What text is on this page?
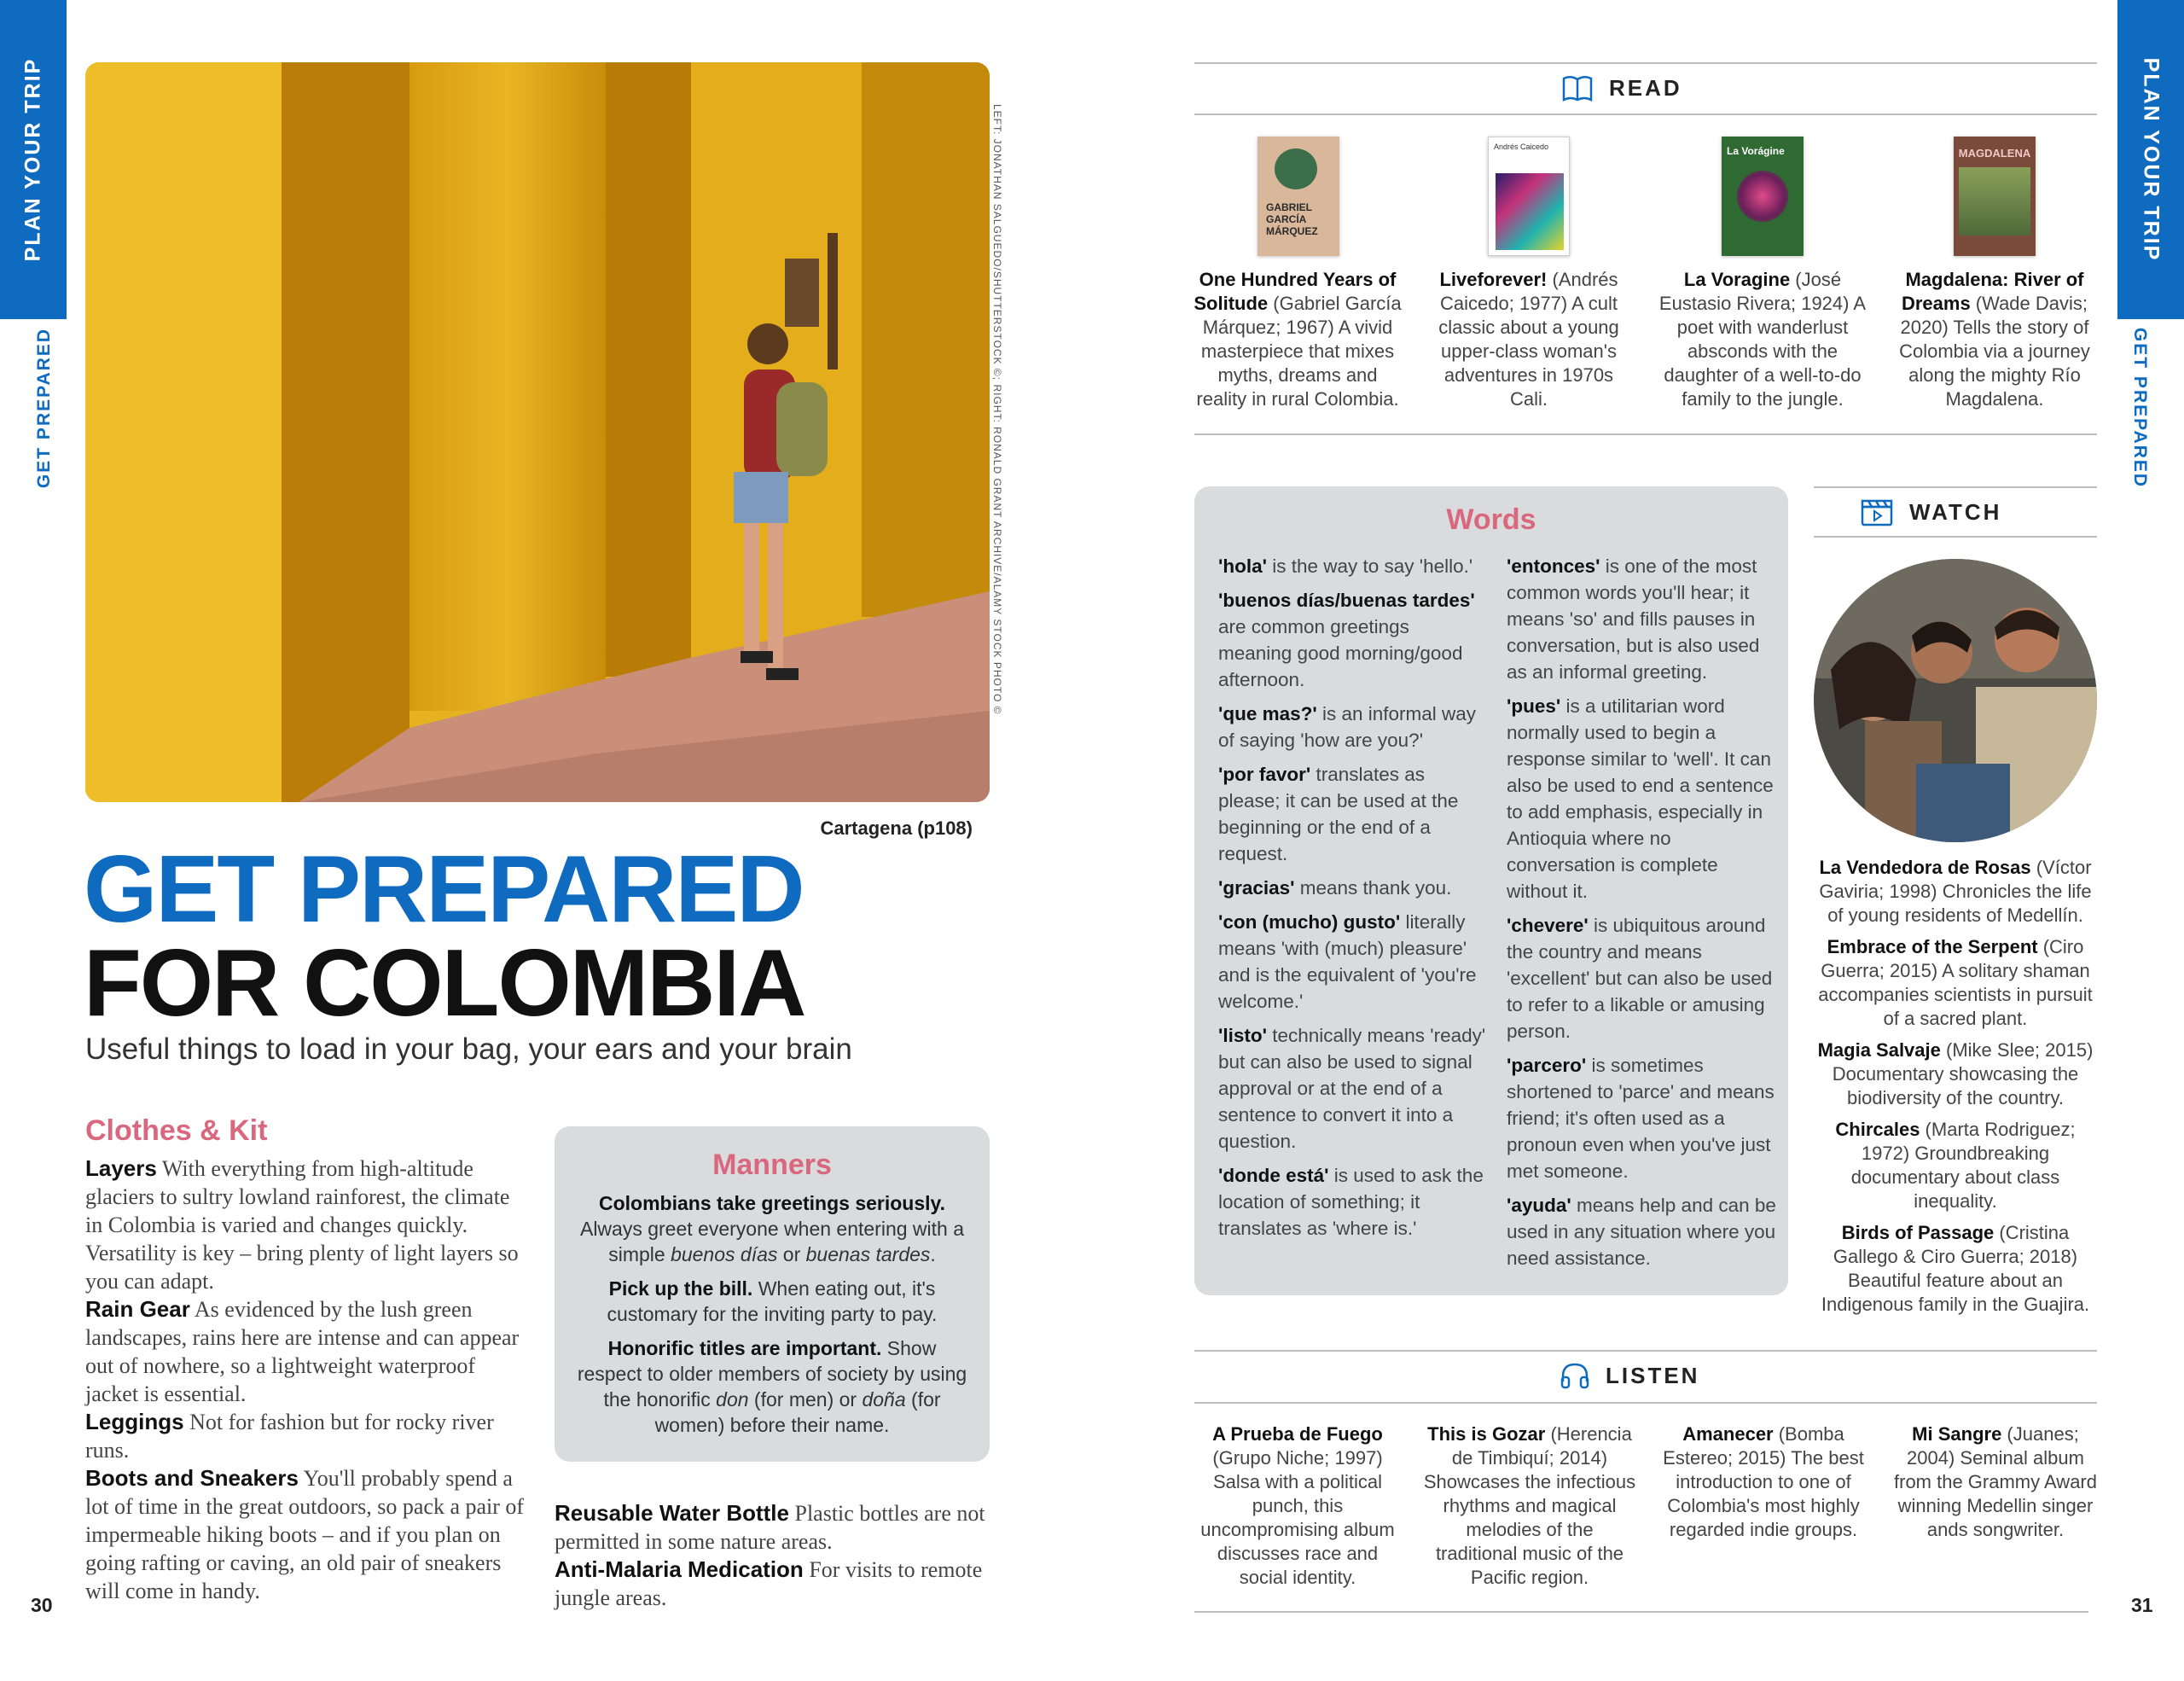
PLAN YOUR TRIP
GET PREPARED
30
LEFT: JONATHAN SALGUEDO/SHUTTERSTOCK ©; RIGHT: RONALD GRANT ARCHIVE/ALAMY STOCK PHOTO ©
Cartagena (p108)
GET PREPARED
FOR COLOMBIA
Useful things to load in your bag, your ears and your brain
Clothes & Kit

Layers With everything from high-altitude glaciers to sultry lowland rainforest, the climate in Colombia is varied and changes quickly. Versatility is key – bring plenty of light layers so you can adapt.

Rain Gear As evidenced by the lush green landscapes, rains here are intense and can appear out of nowhere, so a lightweight waterproof jacket is essential.

Leggings Not for fashion but for rocky river runs.

Boots and Sneakers You'll probably spend a lot of time in the great outdoors, so pack a pair of impermeable hiking boots – and if you plan on going rafting or caving, an old pair of sneakers will come in handy.

Manners

Colombians take greetings seriously. Always greet everyone when entering with a simple buenos días or buenas tardes.

Pick up the bill. When eating out, it's customary for the inviting party to pay.

Honorific titles are important. Show respect to older members of society by using the honorific don (for men) or doña (for women) before their name.

Reusable Water Bottle Plastic bottles are not permitted in some nature areas.

Anti-Malaria Medication For visits to remote jungle areas.

PLAN YOUR TRIP
GET PREPARED
31
READ
GABRIEL GARCÍA MÁRQUEZ
Andrés Caicedo	La Vorágine	MAGDALENA
One Hundred Years of Solitude (Gabriel García Márquez; 1967) A vivid masterpiece that mixes myths, dreams and reality in rural Colombia.
Liveforever! (Andrés Caicedo; 1977) A cult classic about a young upper-class woman's adventures in 1970s Cali.
La Voragine (José Eustasio Rivera; 1924) A poet with wanderlust absconds with the daughter of a well-to-do family to the jungle.
Magdalena: River of Dreams (Wade Davis; 2020) Tells the story of Colombia via a journey along the mighty Río Magdalena.
Words

'hola' is the way to say 'hello.'

'buenos días/buenas tardes' are common greetings meaning good morning/good afternoon.

'que mas?' is an informal way of saying 'how are you?'

'por favor' translates as please; it can be used at the beginning or the end of a request.

'gracias' means thank you.

'con (mucho) gusto' literally means 'with (much) pleasure' and is the equivalent of 'you're welcome.'

'listo' technically means 'ready' but can also be used to signal approval or at the end of a sentence to convert it into a question.

'donde está' is used to ask the location of something; it translates as 'where is.'

'entonces' is one of the most common words you'll hear; it means 'so' and fills pauses in conversation, but is also used as an informal greeting.

'pues' is a utilitarian word normally used to begin a response similar to 'well'. It can also be used to end a sentence to add emphasis, especially in Antioquia where no conversation is complete without it.

'chevere' is ubiquitous around the country and means 'excellent' but can also be used to refer to a likable or amusing person.

'parcero' is sometimes shortened to 'parce' and means friend; it's often used as a pronoun even when you've just met someone.

'ayuda' means help and can be used in any situation where you need assistance.

WATCH

La Vendedora de Rosas (Víctor Gaviria; 1998) Chronicles the life of young residents of Medellín.

Embrace of the Serpent (Ciro Guerra; 2015) A solitary shaman accompanies scientists in pursuit of a sacred plant.

Magia Salvaje (Mike Slee; 2015) Documentary showcasing the biodiversity of the country.

Chircales (Marta Rodriguez; 1972) Groundbreaking documentary about class inequality.

Birds of Passage (Cristina Gallego & Ciro Guerra; 2018) Beautiful feature about an Indigenous family in the Guajira.

LISTEN
A Prueba de Fuego (Grupo Niche; 1997) Salsa with a political punch, this uncompromising album discusses race and social identity.
This is Gozar (Herencia de Timbiquí; 2014) Showcases the infectious rhythms and magical melodies of the traditional music of the Pacific region.
Amanecer (Bomba Estereo; 2015) The best introduction to one of Colombia's most highly regarded indie groups.
Mi Sangre (Juanes; 2004) Seminal album from the Grammy Award winning Medellin singer ands songwriter.
